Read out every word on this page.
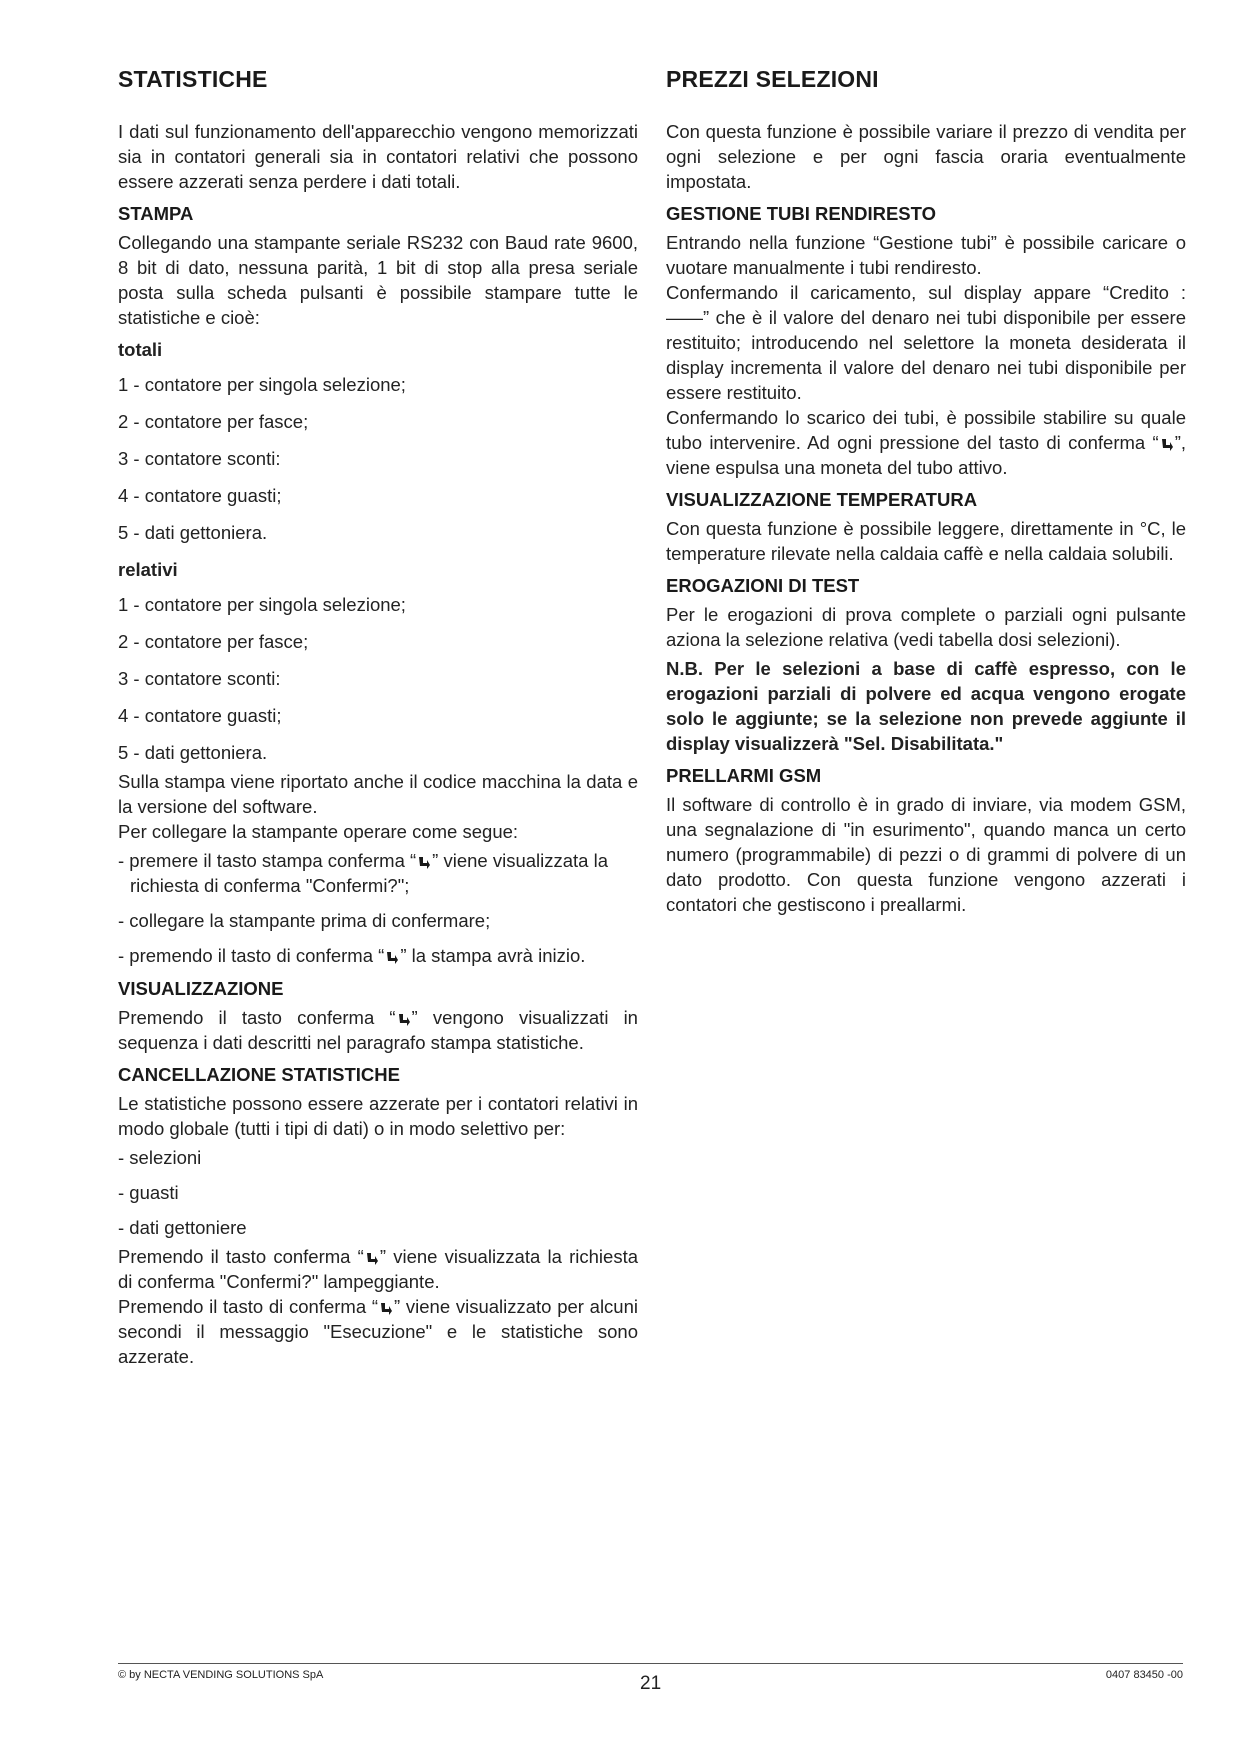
STATISTICHE

I dati sul funzionamento dell'apparecchio vengono memorizzati sia in contatori generali sia in contatori relativi che possono essere azzerati senza perdere i dati totali.

STAMPA

Collegando una stampante seriale RS232 con Baud rate 9600, 8 bit di dato, nessuna parità, 1 bit di stop alla presa seriale posta sulla scheda pulsanti è possibile stampare tutte le statistiche e cioè:

totali

1 - contatore per singola selezione;

2 - contatore per fasce;

3 - contatore sconti:

4 - contatore guasti;

5 - dati gettoniera.

relativi

1 - contatore per singola selezione;

2 - contatore per fasce;

3 - contatore sconti:

4 - contatore guasti;

5 - dati gettoniera.

Sulla stampa viene riportato anche il codice macchina la data e la versione del software.

Per collegare la stampante operare come segue:

- premere il tasto stampa conferma “ ” viene visualizzata la richiesta di conferma "Confermi?";

- collegare la stampante prima di confermare;

- premendo il tasto di conferma “ ” la stampa avrà inizio.

VISUALIZZAZIONE

Premendo il tasto conferma “ ” vengono visualizzati in sequenza i dati descritti nel paragrafo stampa statistiche.

CANCELLAZIONE STATISTICHE

Le statistiche possono essere azzerate per i contatori relativi in modo globale (tutti i tipi di dati) o in modo selettivo per:

- selezioni

- guasti

- dati gettoniere

Premendo il tasto conferma “ ” viene visualizzata la richiesta di conferma "Confermi?" lampeggiante.

Premendo il tasto di conferma “ ” viene visualizzato per alcuni secondi il messaggio "Esecuzione" e le statistiche sono azzerate.

PREZZI SELEZIONI

Con questa funzione è possibile variare il prezzo di vendita per ogni selezione e per ogni fascia oraria eventualmente impostata.

GESTIONE TUBI RENDIRESTO

Entrando nella funzione “Gestione tubi” è possibile caricare o vuotare manualmente i tubi rendiresto.

Confermando il caricamento, sul display appare “Credito : ——” che è il valore del denaro nei tubi disponibile per essere restituito; introducendo nel selettore la moneta desiderata il display incrementa il valore del denaro nei tubi disponibile per essere restituito.

Confermando lo scarico dei tubi, è possibile stabilire su quale tubo intervenire. Ad ogni pressione del tasto di conferma “ ”, viene espulsa una moneta del tubo attivo.

VISUALIZZAZIONE TEMPERATURA

Con questa funzione è possibile leggere, direttamente in °C, le temperature rilevate nella caldaia caffè e nella caldaia solubili.

EROGAZIONI DI TEST

Per le erogazioni di prova complete o parziali ogni pulsante aziona la selezione relativa (vedi tabella dosi selezioni).

N.B. Per le selezioni a base di caffè espresso, con le erogazioni parziali di polvere ed acqua vengono erogate solo le aggiunte; se la selezione non prevede aggiunte il display visualizzerà "Sel. Disabilitata."

PRELLARMI GSM

Il software di controllo è in grado di inviare, via modem GSM, una segnalazione di "in esurimento", quando manca un certo numero (programmabile) di pezzi o di grammi di polvere di un dato prodotto. Con questa funzione vengono azzerati i contatori che gestiscono i preallarmi.

© by NECTA VENDING SOLUTIONS SpA	21	0407 83450 -00
